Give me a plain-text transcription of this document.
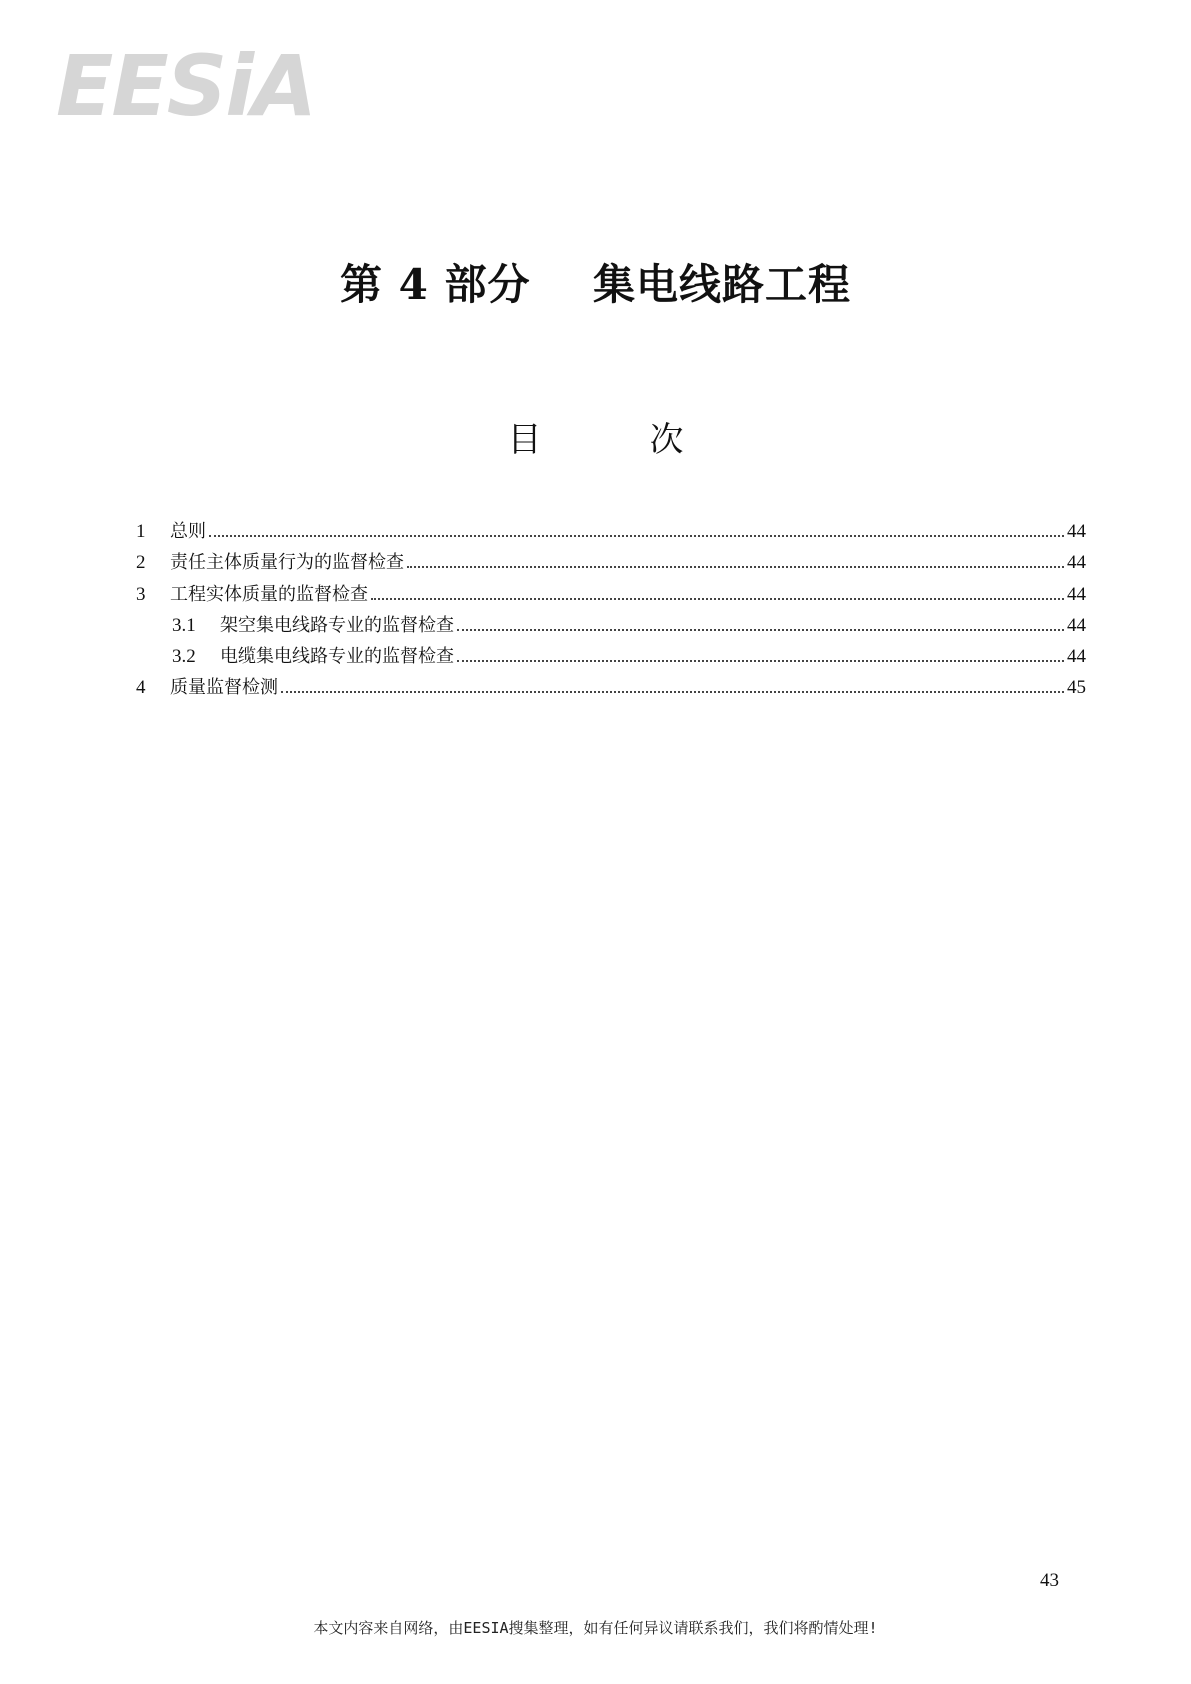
EESiA
第 4 部分    集电线路工程
目          次
1	总则	44
2	责任主体质量行为的监督检查	44
3	工程实体质量的监督检查	44
3.1	架空集电线路专业的监督检查	44
3.2	电缆集电线路专业的监督检查	44
4	质量监督检测	45
43
本文内容来自网络，由EESIA搜集整理，如有任何异议请联系我们，我们将酌情处理!
